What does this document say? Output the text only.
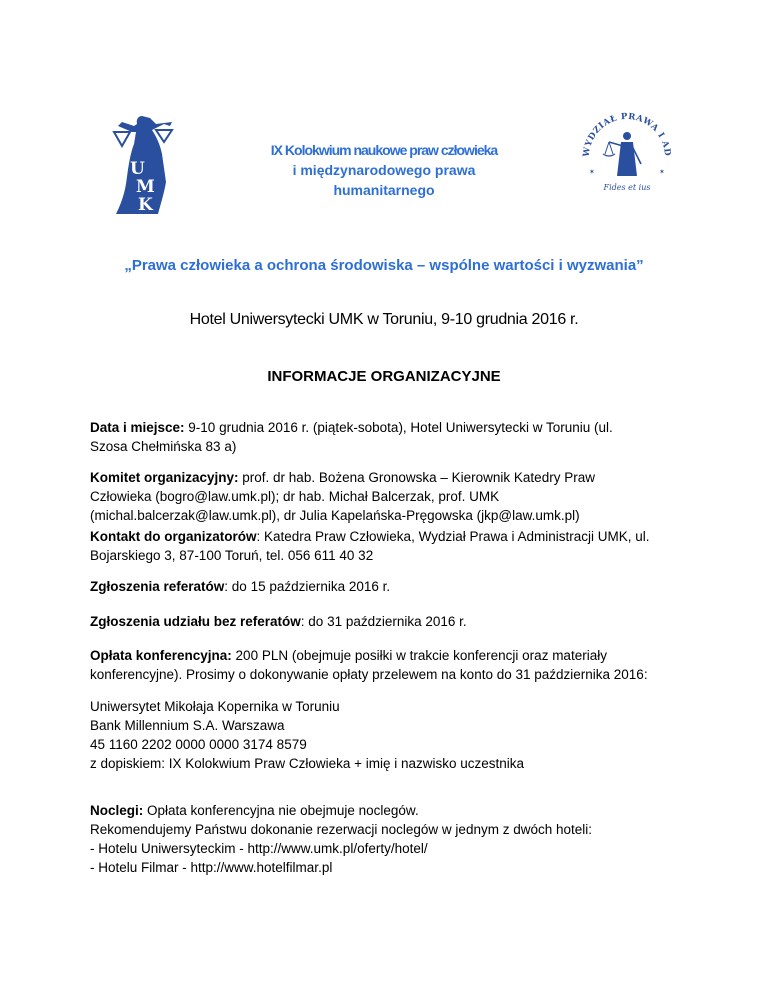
U
M
K
IX Kolokwium naukowe praw człowieka
i międzynarodowego prawa
humanitarnego
WYDZIAŁ PRAWA I AD
✶	✶
Fides et ius
„Prawa człowieka a ochrona środowiska – wspólne wartości i wyzwania”
Hotel Uniwersytecki UMK w Toruniu, 9-10 grudnia 2016 r.
INFORMACJE ORGANIZACYJNE
Data i miejsce: 9-10 grudnia 2016 r. (piątek-sobota), Hotel Uniwersytecki w Toruniu (ul.
Szosa Chełmińska 83 a)
Komitet organizacyjny: prof. dr hab. Bożena Gronowska – Kierownik Katedry Praw
Człowieka (bogro@law.umk.pl); dr hab. Michał Balcerzak, prof. UMK
(michal.balcerzak@law.umk.pl), dr Julia Kapelańska-Pręgowska (jkp@law.umk.pl)
Kontakt do organizatorów: Katedra Praw Człowieka, Wydział Prawa i Administracji UMK, ul.
Bojarskiego 3, 87-100 Toruń, tel. 056 611 40 32
Zgłoszenia referatów: do 15 października 2016 r.
Zgłoszenia udziału bez referatów: do 31 października 2016 r.
Opłata konferencyjna: 200 PLN (obejmuje posiłki w trakcie konferencji oraz materiały
konferencyjne). Prosimy o dokonywanie opłaty przelewem na konto do 31 października 2016:
Uniwersytet Mikołaja Kopernika w Toruniu
Bank Millennium S.A. Warszawa
45 1160 2202 0000 0000 3174 8579
z dopiskiem: IX Kolokwium Praw Człowieka + imię i nazwisko uczestnika
Noclegi: Opłata konferencyjna nie obejmuje noclegów.
Rekomendujemy Państwu dokonanie rezerwacji noclegów w jednym z dwóch hoteli:
- Hotelu Uniwersyteckim - http://www.umk.pl/oferty/hotel/
- Hotelu Filmar - http://www.hotelfilmar.pl
